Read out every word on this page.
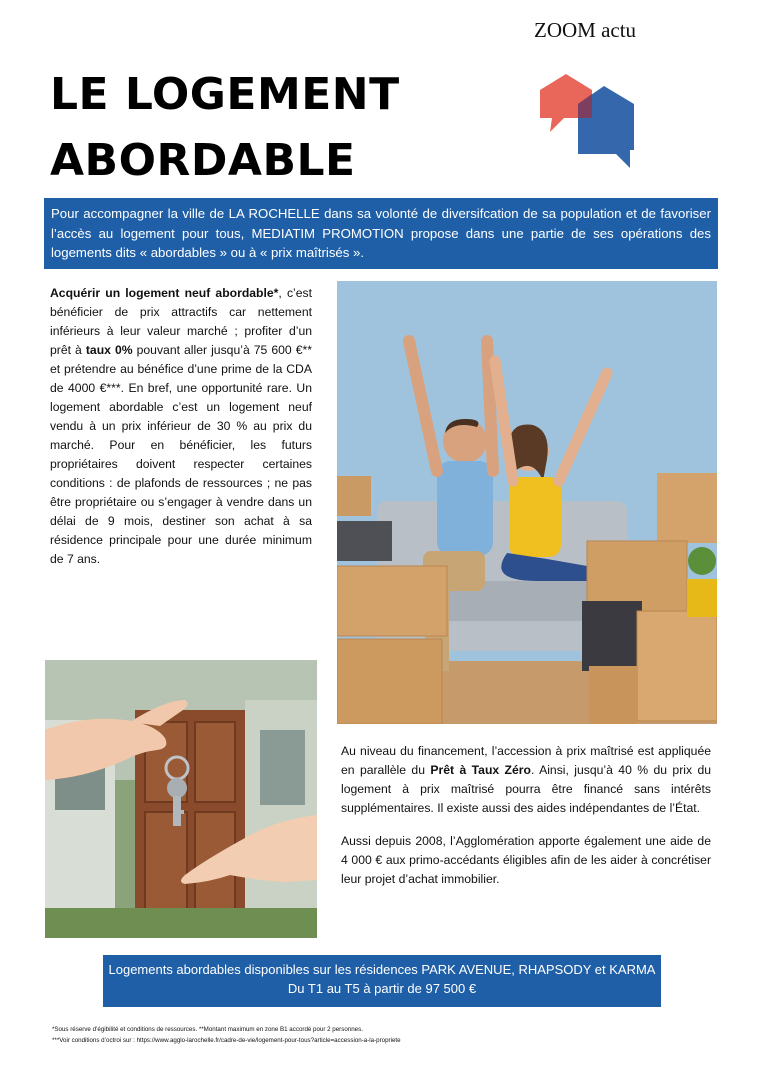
ZOOM actu
LE LOGEMENT
ABORDABLE

Pour accompagner la ville de LA ROCHELLE dans sa volonté de diversifcation de sa population et de favoriser l’accès au logement pour tous, MEDIATIM PROMOTION propose dans une partie de ses opérations des logements dits « abordables » ou à « prix maîtrisés ».

Acquérir un logement neuf abordable*, c’est bénéficier de prix attractifs car nettement inférieurs à leur valeur marché ; profiter d’un prêt à taux 0% pouvant aller jusqu’à 75 600 €** et prétendre au bénéfice d’une prime de la CDA de 4000 €***. En bref, une opportunité rare. Un logement abordable c’est un logement neuf vendu à un prix inférieur de 30 % au prix du marché. Pour en bénéficier, les futurs propriétaires doivent respecter certaines conditions : de plafonds de ressources ; ne pas être propriétaire ou s’engager à vendre dans un délai de 9 mois, destiner son achat à sa résidence principale pour une durée minimum de 7 ans.

Au niveau du financement, l’accession à prix maîtrisé est appliquée en parallèle du Prêt à Taux Zéro. Ainsi, jusqu’à 40 % du prix du logement à prix maîtrisé pourra être financé sans intérêts supplémentaires. Il existe aussi des aides indépendantes de l’État.

Aussi depuis 2008, l’Agglomération apporte également une aide de 4 000 € aux primo-accédants éligibles afin de les aider à concrétiser leur projet d’achat immobilier.

Logements abordables disponibles sur les résidences PARK AVENUE, RHAPSODY et KARMA
Du T1 au T5 à partir de 97 500 €
*Sous réserve d’égibilité et conditions de ressources. **Montant maximum en zone B1 accordé pour 2 personnes.
***Voir conditions d’octroi sur : https://www.agglo-larochelle.fr/cadre-de-vie/logement-pour-tous?article=accession-a-la-propriete
